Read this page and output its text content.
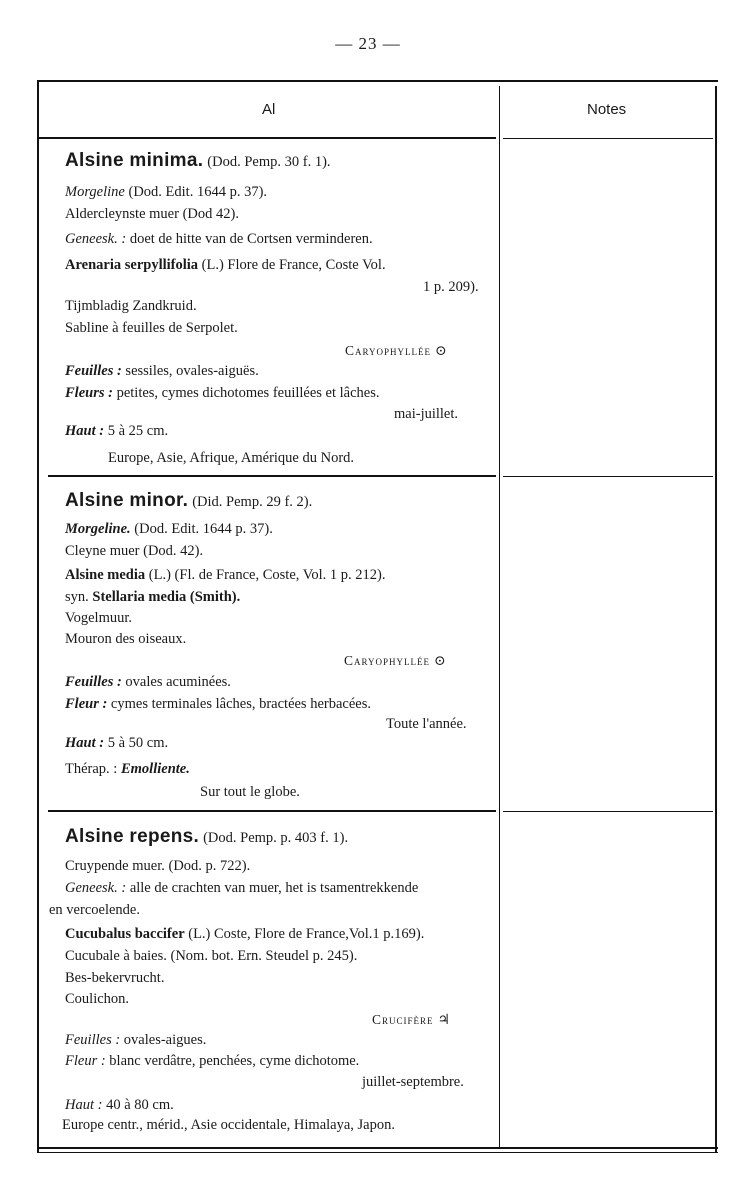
— 23 —
Al	Notes
Alsine minima. (Dod. Pemp. 30 f. 1).
Morgeline (Dod. Edit. 1644 p. 37).
Aldercleynste muer (Dod 42).
Geneesk. : doet de hitte van de Cortsen verminderen.
Arenaria serpyllifolia (L.) Flore de France, Coste Vol.
1 p. 209).
Tijmbladig Zandkruid.
Sabline à feuilles de Serpolet.
Caryophyllée ⊙
Feuilles : sessiles, ovales-aiguës.
Fleurs : petites, cymes dichotomes feuillées et lâches.
mai-juillet.
Haut : 5 à 25 cm.
Europe, Asie, Afrique, Amérique du Nord.
Alsine minor. (Did. Pemp. 29 f. 2).
Morgeline. (Dod. Edit. 1644 p. 37).
Cleyne muer (Dod. 42).
Alsine media (L.) (Fl. de France, Coste, Vol. 1 p. 212).
syn. Stellaria media (Smith).
Vogelmuur.
Mouron des oiseaux.
Caryophyllée ⊙
Feuilles : ovales acuminées.
Fleur : cymes terminales lâches, bractées herbacées.
Toute l'année.
Haut : 5 à 50 cm.
Thérap. : Emolliente.
Sur tout le globe.
Alsine repens. (Dod. Pemp. p. 403 f. 1).
Cruypende muer. (Dod. p. 722).
Geneesk. : alle de crachten van muer, het is tsamentrekkende
en vercoelende.
Cucubalus baccifer (L.) Coste, Flore de France,Vol.1 p.169).
Cucubale à baies. (Nom. bot. Ern. Steudel p. 245).
Bes-bekervrucht.
Coulichon.
Crucifère ♃
Feuilles : ovales-aigues.
Fleur : blanc verdâtre, penchées, cyme dichotome.
juillet-septembre.
Haut : 40 à 80 cm.
Europe centr., mérid., Asie occidentale, Himalaya, Japon.
